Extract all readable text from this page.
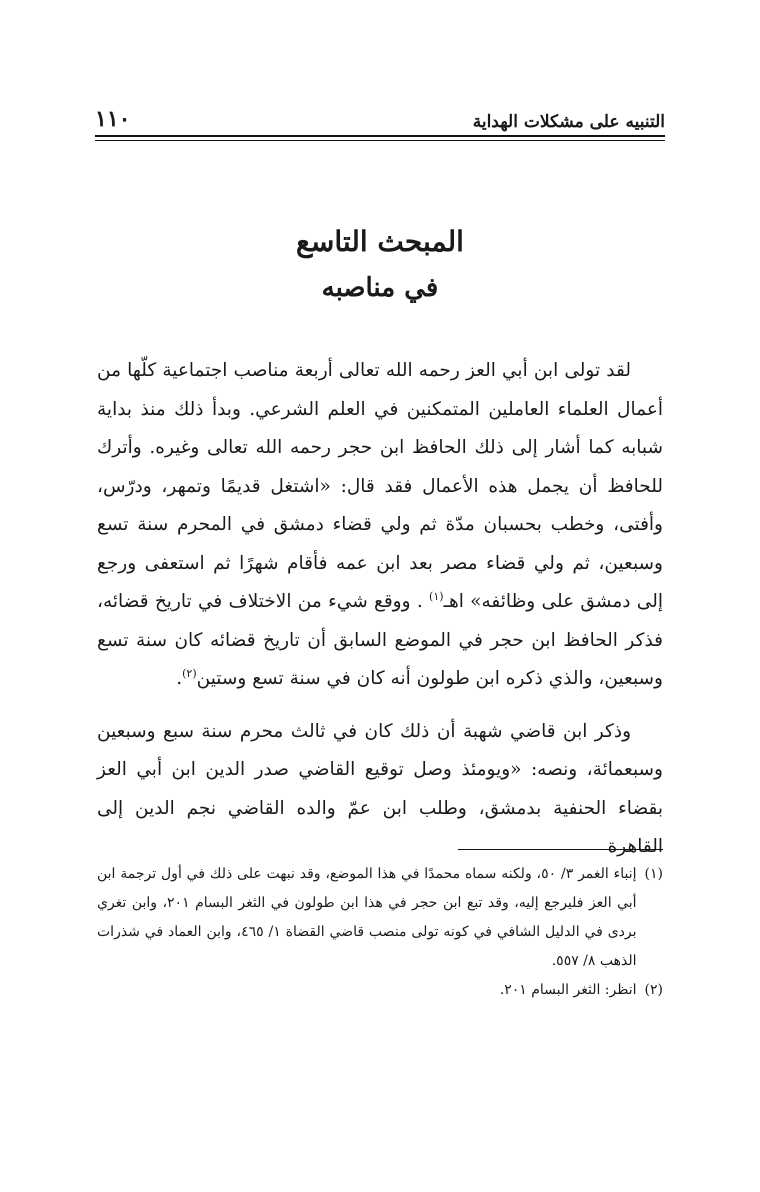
التنبيه على مشكلات الهداية
١١٠
المبحث التاسع
في مناصبه

لقد تولى ابن أبي العز رحمه الله تعالى أربعة مناصب اجتماعية كلّها من أعمال العلماء العاملين المتمكنين في العلم الشرعي. وبدأ ذلك منذ بداية شبابه كما أشار إلى ذلك الحافظ ابن حجر رحمه الله تعالى وغيره. وأترك للحافظ أن يجمل هذه الأعمال فقد قال: «اشتغل قديمًا وتمهر، ودرّس، وأفتى، وخطب بحسبان مدّة ثم ولي قضاء دمشق في المحرم سنة تسع وسبعين، ثم ولي قضاء مصر بعد ابن عمه فأقام شهرًا ثم استعفى ورجع إلى دمشق على وظائفه» اهـ$^{(١)}$ . ووقع شيء من الاختلاف في تاريخ قضائه، فذكر الحافظ ابن حجر في الموضع السابق أن تاريخ قضائه كان سنة تسع وسبعين، والذي ذكره ابن طولون أنه كان في سنة تسع وستين$^{(٢)}$.

وذكر ابن قاضي شهبة أن ذلك كان في ثالث محرم سنة سبع وسبعين وسبعمائة، ونصه: «ويومئذ وصل توقيع القاضي صدر الدين ابن أبي العز بقضاء الحنفية بدمشق، وطلب ابن عمّ والده القاضي نجم الدين إلى القاهرة

(١)
إنباء الغمر ٣/ ٥٠، ولكنه سماه محمدًا في هذا الموضع، وقد نبهت على ذلك في أول ترجمة ابن أبي العز فليرجع إليه، وقد تبع ابن حجر في هذا ابن طولون في الثغر البسام ٢٠١، وابن تغري بردى في الدليل الشافي في كونه تولى منصب قاضي القضاة ١/ ٤٦٥، وابن العماد في شذرات الذهب ٨/ ٥٥٧.
(٢)
انظر: الثغر البسام ٢٠١.
